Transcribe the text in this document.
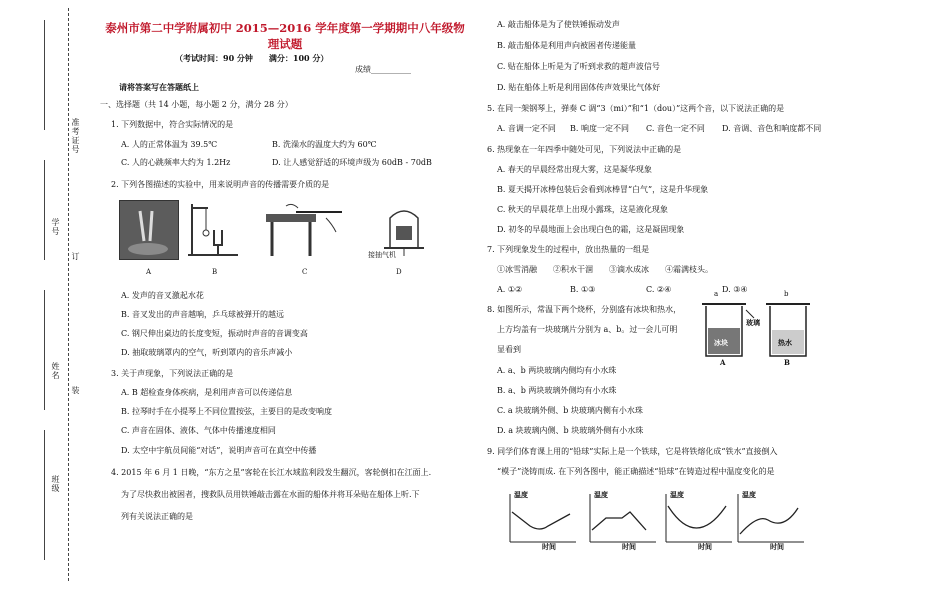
准考证号
学号
订
姓名
装
班级
泰州市第二中学附属初中 2015—2016 学年度第一学期期中八年级物
理试题
（考试时间：90 分钟　　满分：100 分）
成绩__________
请将答案写在答题纸上
一、选择题（共 14 小题，每小题 2 分，满分 28 分）
1. 下列数据中，符合实际情况的是
A. 人的正常体温为 39.5℃	B. 洗澡水的温度大约为 60℃
C. 人的心跳频率大约为 1.2Hz	D. 让人感觉舒适的环境声级为 60dB - 70dB
2. 下列各图描述的实验中，用来说明声音的传播需要介质的是
接抽气机
A	B	C	D
A. 发声的音叉激起水花
B. 音叉发出的声音越响，乒乓球被弹开的越远
C. 钢尺伸出桌边的长度变短，振动时声音的音调变高
D. 抽取玻璃罩内的空气，听到罩内的音乐声减小
3. 关于声现象，下列说法正确的是
A. B 超检查身体疾病，是利用声音可以传递信息
B. 拉琴时手在小提琴上不同位置按弦，主要目的是改变响度
C. 声音在固体、液体、气体中传播速度相同
D. 太空中宇航员间能“对话”，说明声音可在真空中传播
4. 2015 年 6 月 1 日晚，“东方之星”客轮在长江水域监利段发生翻沉，客轮倒扣在江面上.
为了尽快救出被困者，搜救队员用铁锤敲击露在水面的船体并将耳朵贴在船体上听.下
列有关说法正确的是
A. 敲击船体是为了使铁锤振动发声
B. 敲击船体是利用声向被困者传递能量
C. 贴在船体上听是为了听到求救的超声波信号
D. 贴在船体上听是利用固体传声效果比气体好
5. 在同一架钢琴上，弹奏 C 调“3（mi）”和“1（dou）”这两个音，以下说法正确的是
A. 音调一定不同 B. 响度一定不同 C. 音色一定不同 D. 音调、音色和响度都不同
6. 热现象在一年四季中随处可见，下列说法中正确的是
A. 春天的早晨经常出现大雾，这是凝华现象
B. 夏天揭开冰棒包装后会看到冰棒冒“白气”，这是升华现象
C. 秋天的早晨花草上出现小露珠，这是液化现象
D. 初冬的早晨地面上会出现白色的霜，这是凝固现象
7. 下列现象发生的过程中，放出热量的一组是
①冰雪消融　　②积水干涸　　③滴水成冰　　④霜满枝头。
A. ①②	B. ①③	C. ②④	D. ③④
8. 如图所示，常温下两个烧杯，分别盛有冰块和热水，
上方均盖有一块玻璃片分别为 a、b。过一会儿可明
显看到
a	b
玻璃
冰块	热水
A	B
A. a、b 两块玻璃内侧均有小水珠
B. a、b 两块玻璃外侧均有小水珠
C. a 块玻璃外侧、b 块玻璃内侧有小水珠
D. a 块玻璃内侧、b 块玻璃外侧有小水珠
9. 同学们体育课上用的“铅球”实际上是一个铁球，它是将铁熔化成“铁水”直接倒入
“模子”浇铸而成. 在下列各图中，能正确描述“铅球”在铸造过程中温度变化的是
温度
时间
温度
时间
温度
时间
温度
时间
